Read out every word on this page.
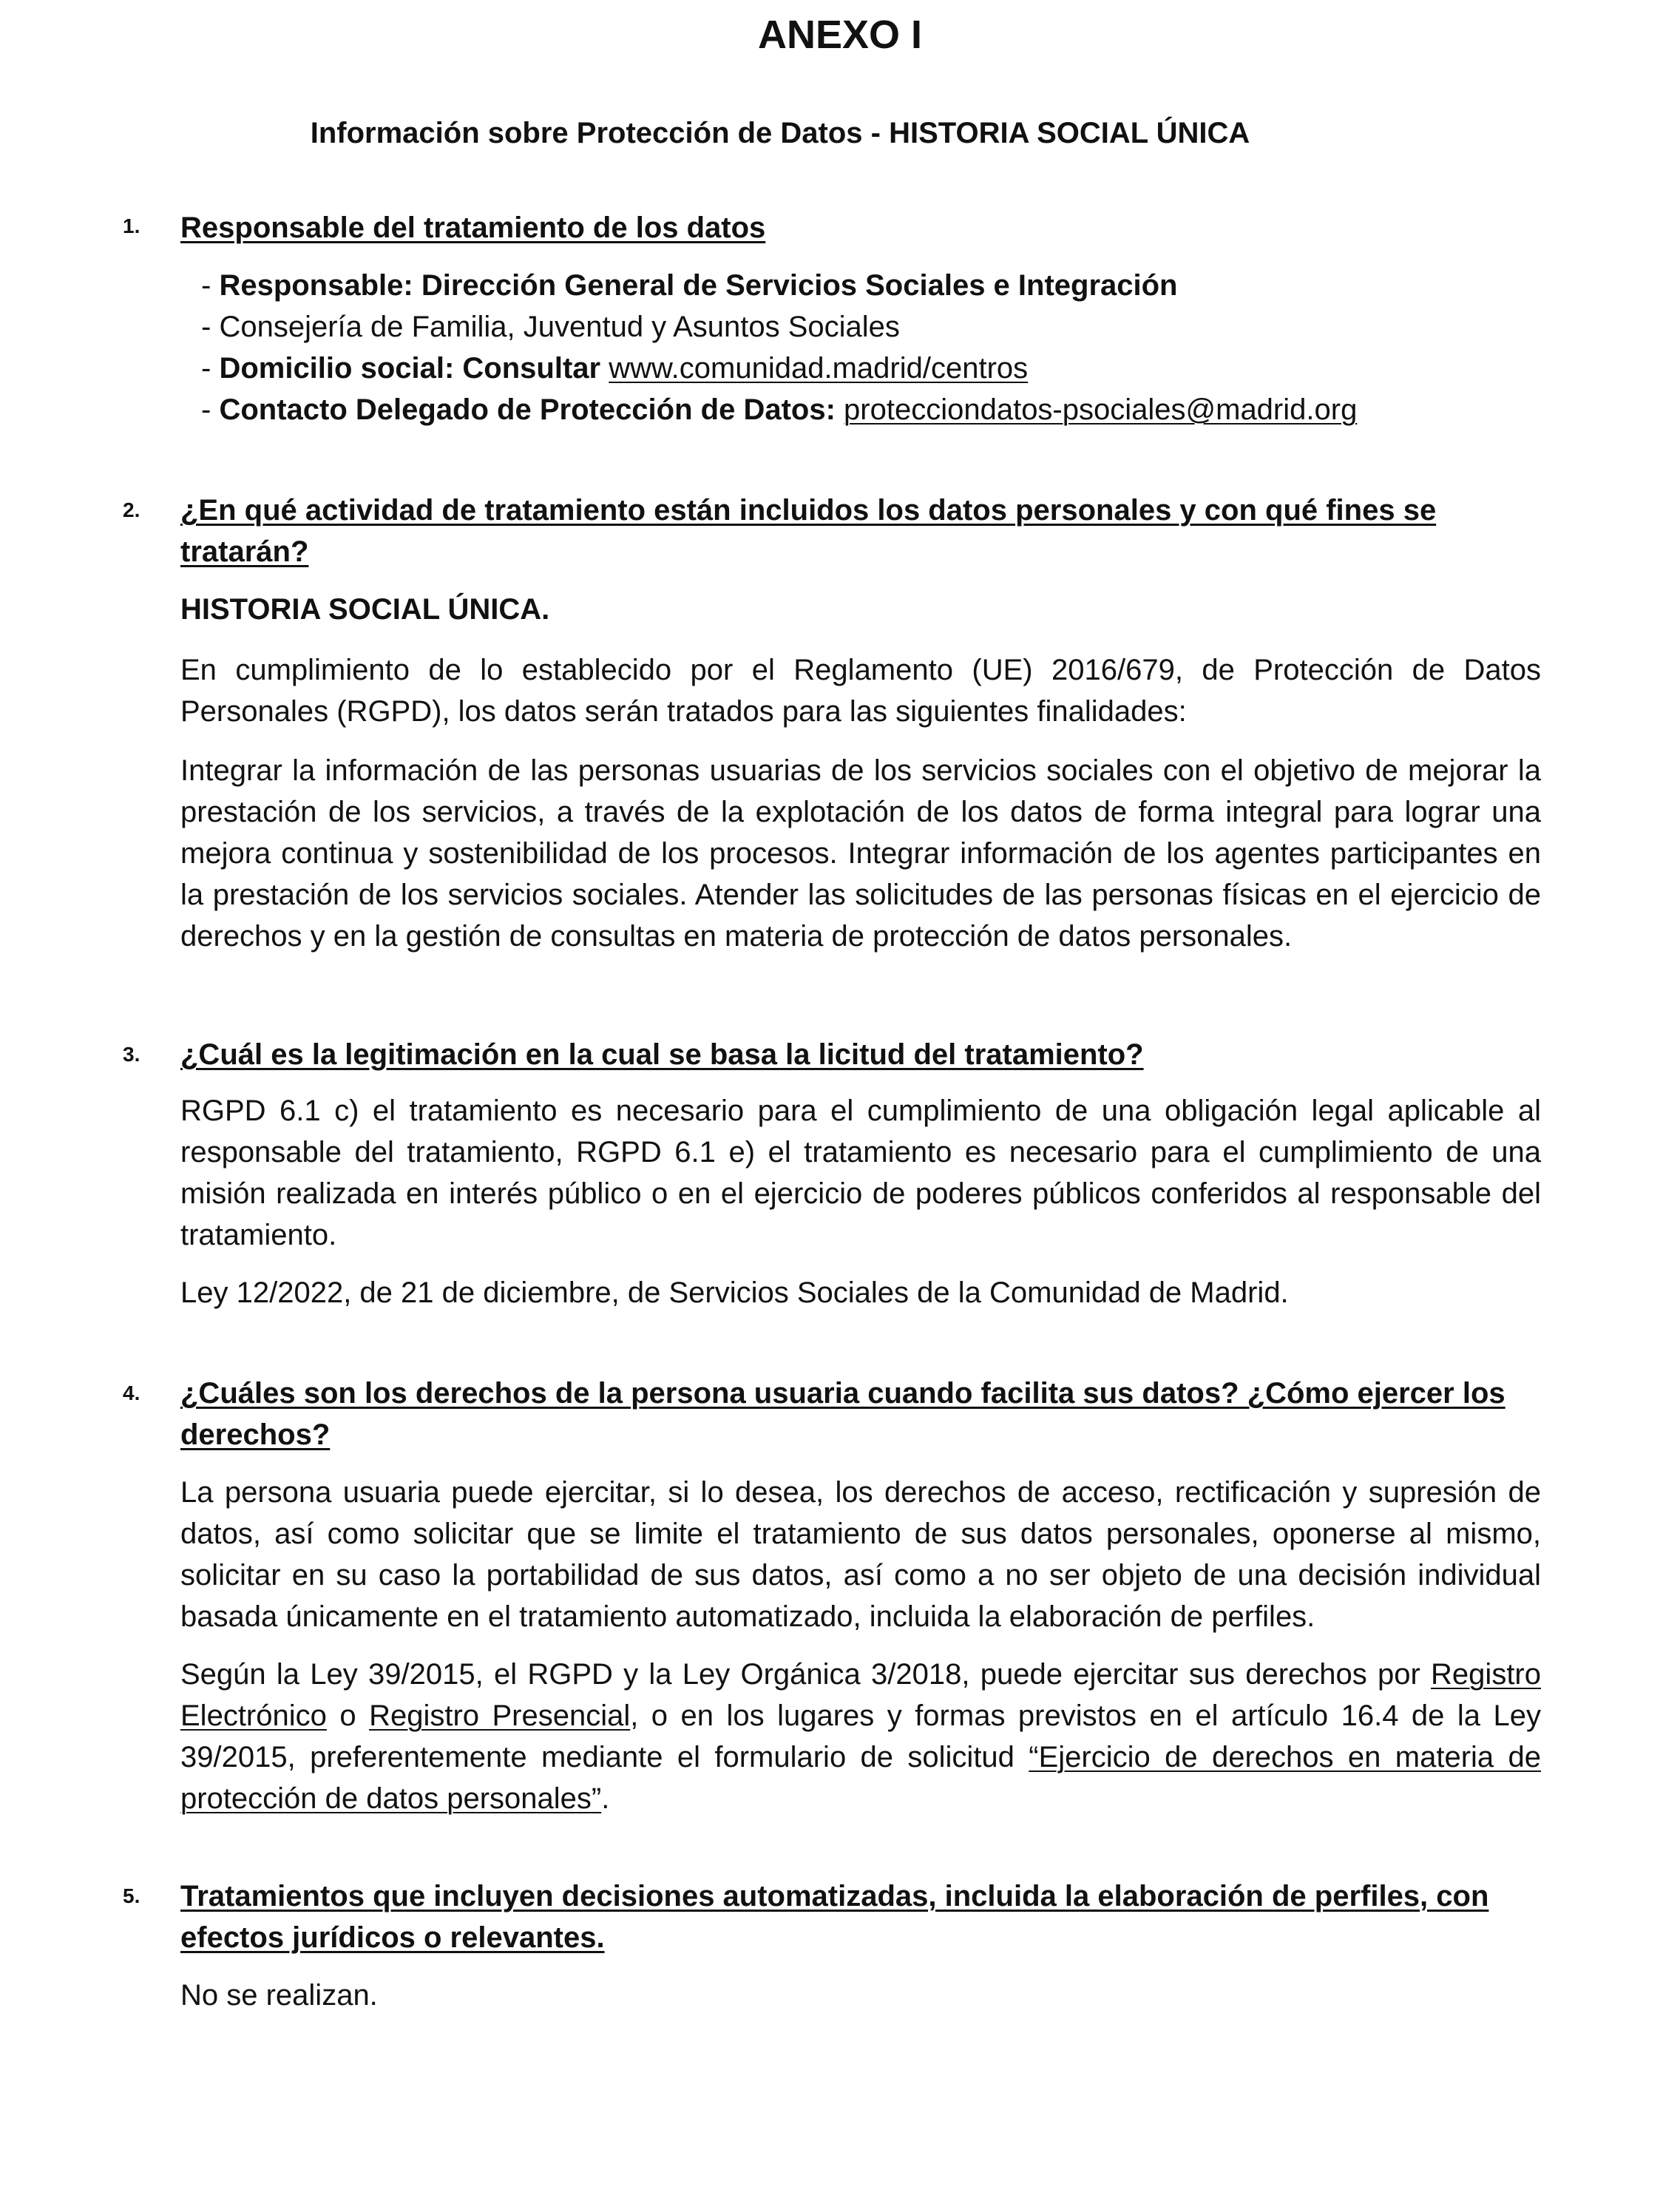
ANEXO I
Información sobre Protección de Datos - HISTORIA SOCIAL ÚNICA
1. Responsable del tratamiento de los datos
- Responsable: Dirección General de Servicios Sociales e Integración
- Consejería de Familia, Juventud y Asuntos Sociales
- Domicilio social: Consultar www.comunidad.madrid/centros
- Contacto Delegado de Protección de Datos: protecciondatos-psociales@madrid.org
2. ¿En qué actividad de tratamiento están incluidos los datos personales y con qué fines se tratarán?
HISTORIA SOCIAL ÚNICA.
En cumplimiento de lo establecido por el Reglamento (UE) 2016/679, de Protección de Datos Personales (RGPD), los datos serán tratados para las siguientes finalidades:
Integrar la información de las personas usuarias de los servicios sociales con el objetivo de mejorar la prestación de los servicios, a través de la explotación de los datos de forma integral para lograr una mejora continua y sostenibilidad de los procesos. Integrar información de los agentes participantes en la prestación de los servicios sociales. Atender las solicitudes de las personas físicas en el ejercicio de derechos y en la gestión de consultas en materia de protección de datos personales.
3. ¿Cuál es la legitimación en la cual se basa la licitud del tratamiento?
RGPD 6.1 c) el tratamiento es necesario para el cumplimiento de una obligación legal aplicable al responsable del tratamiento, RGPD 6.1 e) el tratamiento es necesario para el cumplimiento de una misión realizada en interés público o en el ejercicio de poderes públicos conferidos al responsable del tratamiento.
Ley 12/2022, de 21 de diciembre, de Servicios Sociales de la Comunidad de Madrid.
4. ¿Cuáles son los derechos de la persona usuaria cuando facilita sus datos? ¿Cómo ejercer los derechos?
La persona usuaria puede ejercitar, si lo desea, los derechos de acceso, rectificación y supresión de datos, así como solicitar que se limite el tratamiento de sus datos personales, oponerse al mismo, solicitar en su caso la portabilidad de sus datos, así como a no ser objeto de una decisión individual basada únicamente en el tratamiento automatizado, incluida la elaboración de perfiles.
Según la Ley 39/2015, el RGPD y la Ley Orgánica 3/2018, puede ejercitar sus derechos por Registro Electrónico o Registro Presencial, o en los lugares y formas previstos en el artículo 16.4 de la Ley 39/2015, preferentemente mediante el formulario de solicitud “Ejercicio de derechos en materia de protección de datos personales”.
5. Tratamientos que incluyen decisiones automatizadas, incluida la elaboración de perfiles, con efectos jurídicos o relevantes.
No se realizan.
